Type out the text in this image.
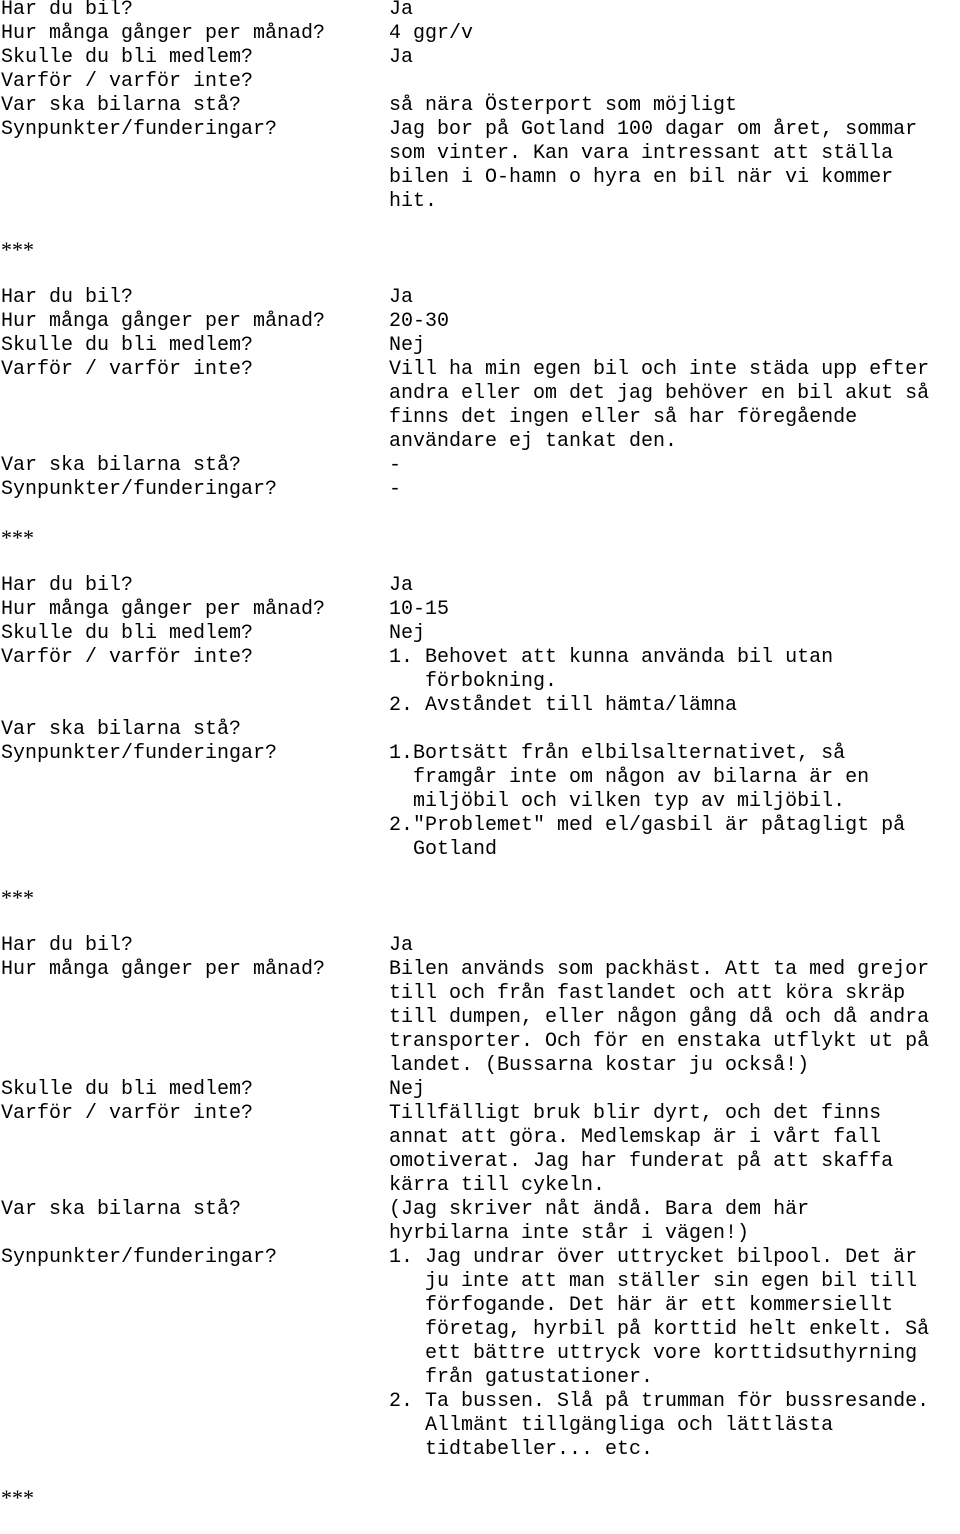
Har du bil?	Ja
Hur många gånger per månad?	4 ggr/v
Skulle du bli medlem?	Ja
Varför / varför inte?
Var ska bilarna stå?	så nära Österport som möjligt
Synpunkter/funderingar?	Jag bor på Gotland 100 dagar om året, sommar
som vinter. Kan vara intressant att ställa
bilen i O-hamn o hyra en bil när vi kommer
hit.
***
Har du bil?	Ja
Hur många gånger per månad?	20-30
Skulle du bli medlem?	Nej
Varför / varför inte?	Vill ha min egen bil och inte städa upp efter
andra eller om det jag behöver en bil akut så
finns det ingen eller så har föregående
användare ej tankat den.
Var ska bilarna stå?	-
Synpunkter/funderingar?	-
***
Har du bil?	Ja
Hur många gånger per månad?	10-15
Skulle du bli medlem?	Nej
Varför / varför inte?	1. Behovet att kunna använda bil utan
förbokning.
2. Avståndet till hämta/lämna
Var ska bilarna stå?
Synpunkter/funderingar?	1.Bortsätt från elbilsalternativet, så
framgår inte om någon av bilarna är en
miljöbil och vilken typ av miljöbil.
2."Problemet" med el/gasbil är påtagligt på
Gotland
***
Har du bil?	Ja
Hur många gånger per månad?	Bilen används som packhäst. Att ta med grejor
till och från fastlandet och att köra skräp
till dumpen, eller någon gång då och då andra
transporter. Och för en enstaka utflykt ut på
landet. (Bussarna kostar ju också!)
Skulle du bli medlem?	Nej
Varför / varför inte?	Tillfälligt bruk blir dyrt, och det finns
annat att göra. Medlemskap är i vårt fall
omotiverat. Jag har funderat på att skaffa
kärra till cykeln.
Var ska bilarna stå?	(Jag skriver nåt ändå. Bara dem här
hyrbilarna inte står i vägen!)
Synpunkter/funderingar?	1. Jag undrar över uttrycket bilpool. Det är
ju inte att man ställer sin egen bil till
förfogande. Det här är ett kommersiellt
företag, hyrbil på korttid helt enkelt. Så
ett bättre uttryck vore korttidsuthyrning
från gatustationer.
2. Ta bussen. Slå på trumman för bussresande.
Allmänt tillgängliga och lättlästa
tidtabeller... etc.
***
